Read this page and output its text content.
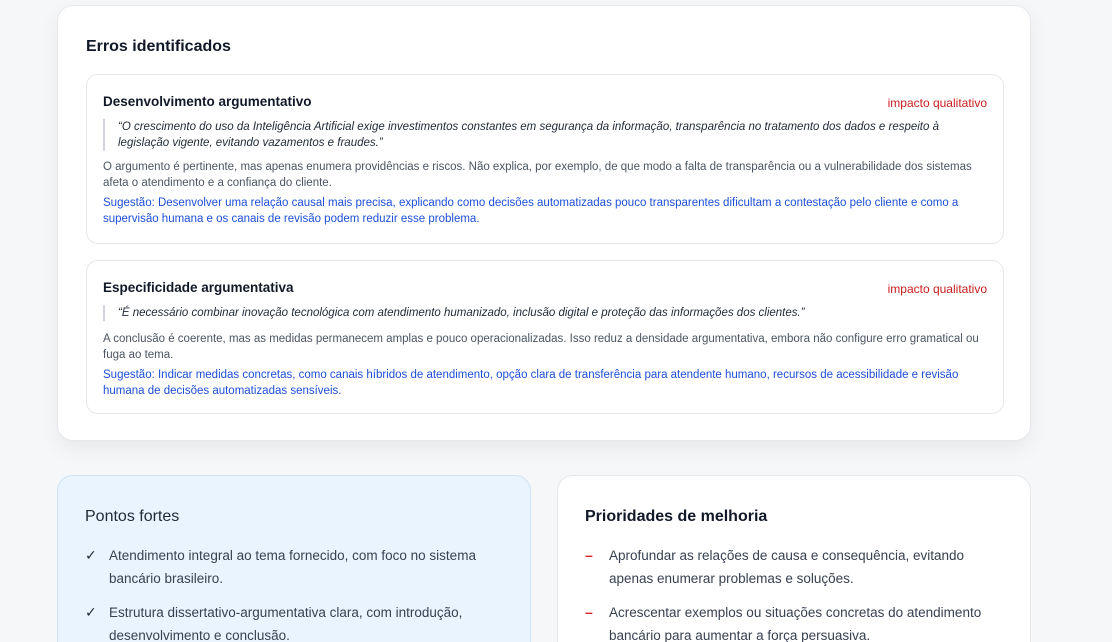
Erros identificados
Desenvolvimento argumentativo	impacto qualitativo
“O crescimento do uso da Inteligência Artificial exige investimentos constantes em segurança da informação, transparência no tratamento dos dados e respeito à legislação vigente, evitando vazamentos e fraudes.”

O argumento é pertinente, mas apenas enumera providências e riscos. Não explica, por exemplo, de que modo a falta de transparência ou a vulnerabilidade dos sistemas afeta o atendimento e a confiança do cliente.

Sugestão: Desenvolver uma relação causal mais precisa, explicando como decisões automatizadas pouco transparentes dificultam a contestação pelo cliente e como a supervisão humana e os canais de revisão podem reduzir esse problema.

Especificidade argumentativa	impacto qualitativo
“É necessário combinar inovação tecnológica com atendimento humanizado, inclusão digital e proteção das informações dos clientes.”

A conclusão é coerente, mas as medidas permanecem amplas e pouco operacionalizadas. Isso reduz a densidade argumentativa, embora não configure erro gramatical ou fuga ao tema.

Sugestão: Indicar medidas concretas, como canais híbridos de atendimento, opção clara de transferência para atendente humano, recursos de acessibilidade e revisão humana de decisões automatizadas sensíveis.

Pontos fortes
✓ Atendimento integral ao tema fornecido, com foco no sistema bancário brasileiro.
✓ Estrutura dissertativo-argumentativa clara, com introdução, desenvolvimento e conclusão.
Prioridades de melhoria
– Aprofundar as relações de causa e consequência, evitando apenas enumerar problemas e soluções.
– Acrescentar exemplos ou situações concretas do atendimento bancário para aumentar a força persuasiva.
